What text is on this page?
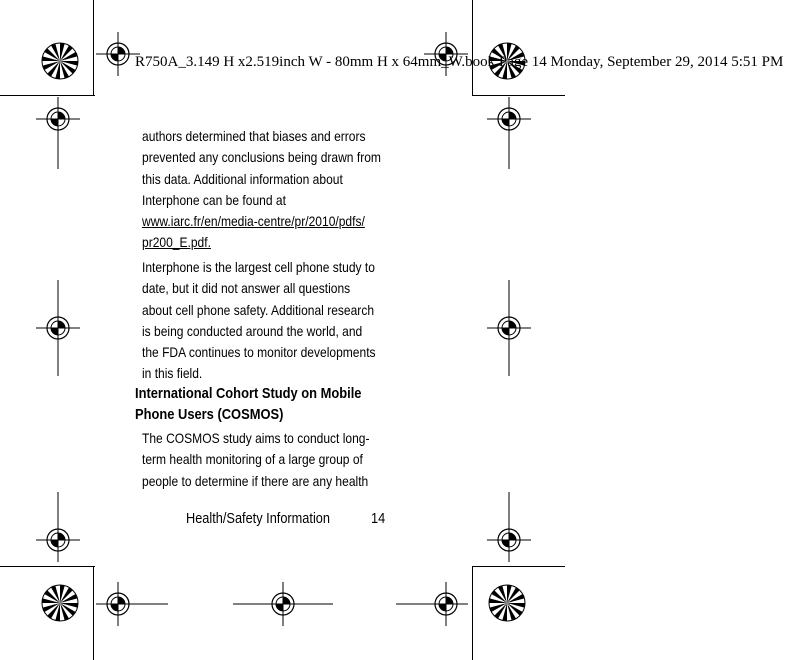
R750A_3.149 H x2.519inch W - 80mm H x 64mm_W.book Page 14 Monday, September 29, 2014 5:51 PM

authors determined that biases and errors

prevented any conclusions being drawn from

this data. Additional information about

Interphone can be found at

www.iarc.fr/en/media-centre/pr/2010/pdfs/
pr200_E.pdf.

Interphone is the largest cell phone study to

date, but it did not answer all questions

about cell phone safety. Additional research

is being conducted around the world, and

the FDA continues to monitor developments

in this field.

International Cohort Study on Mobile
Phone Users (COSMOS)

The COSMOS study aims to conduct long-

term health monitoring of a large group of

people to determine if there are any health

Health/Safety Information	14
